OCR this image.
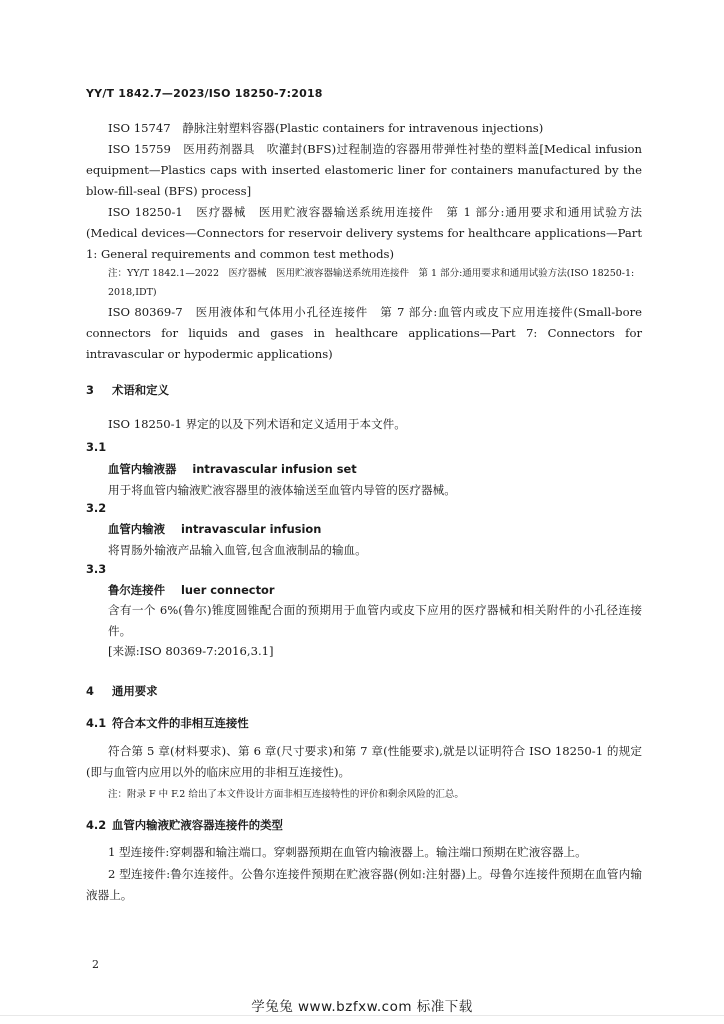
YY/T 1842.7—2023/ISO 18250-7:2018

ISO 15747　静脉注射塑料容器(Plastic containers for intravenous injections)

ISO 15759　医用药剂器具　吹灌封(BFS)过程制造的容器用带弹性衬垫的塑料盖[Medical infusion equipment—Plastics caps with inserted elastomeric liner for containers manufactured by the blow-fill-seal (BFS) process]

ISO 18250-1　医疗器械　医用贮液容器输送系统用连接件　第 1 部分:通用要求和通用试验方法(Medical devices—Connectors for reservoir delivery systems for healthcare applications—Part 1: General requirements and common test methods)

注：YY/T 1842.1—2022　医疗器械　医用贮液容器输送系统用连接件　第 1 部分:通用要求和通用试验方法(ISO 18250-1: 2018,IDT)

ISO 80369-7　医用液体和气体用小孔径连接件　第 7 部分:血管内或皮下应用连接件(Small-bore connectors for liquids and gases in healthcare applications—Part 7: Connectors for intravascular or hypodermic applications)

3 术语和定义

ISO 18250-1 界定的以及下列术语和定义适用于本文件。

3.1
血管内输液器 intravascular infusion set

用于将血管内输液贮液容器里的液体输送至血管内导管的医疗器械。

3.2
血管内输液 intravascular infusion

将胃肠外输液产品输入血管,包含血液制品的输血。

3.3
鲁尔连接件 luer connector

含有一个 6%(鲁尔)锥度圆锥配合面的预期用于血管内或皮下应用的医疗器械和相关附件的小孔径连接件。

[来源:ISO 80369-7:2016,3.1]

4 通用要求
4.1 符合本文件的非相互连接性

符合第 5 章(材料要求)、第 6 章(尺寸要求)和第 7 章(性能要求),就是以证明符合 ISO 18250-1 的规定(即与血管内应用以外的临床应用的非相互连接性)。

注：附录 F 中 F.2 给出了本文件设计方面非相互连接特性的评价和剩余风险的汇总。

4.2 血管内输液贮液容器连接件的类型

1 型连接件:穿刺器和输注端口。穿刺器预期在血管内输液器上。输注端口预期在贮液容器上。

2 型连接件:鲁尔连接件。公鲁尔连接件预期在贮液容器(例如:注射器)上。母鲁尔连接件预期在血管内输液器上。

2
学兔兔 www.bzfxw.com 标准下载
